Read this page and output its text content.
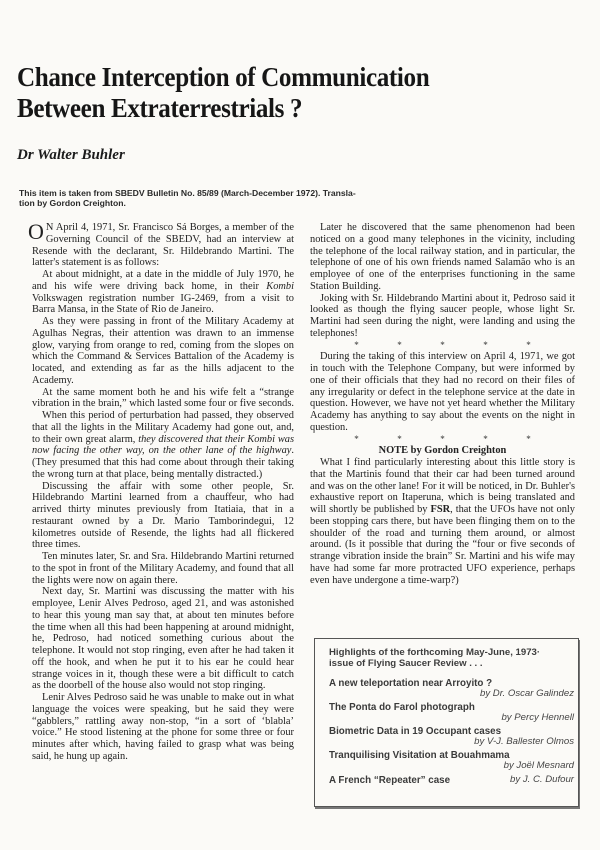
Chance Interception of Communication
Between Extraterrestrials ?
Dr Walter Buhler
This item is taken from SBEDV Bulletin No. 85/89 (March-December 1972). Transla-
tion by Gordon Creighton.

O N April 4, 1971, Sr. Francisco Sá Borges, a member of the Governing Council of the SBEDV, had an interview at Resende with the declarant, Sr. Hildebrando Martini. The latter's statement is as follows:

At about midnight, at a date in the middle of July 1970, he and his wife were driving back home, in their Kombi Volkswagen registration number IG-2469, from a visit to Barra Mansa, in the State of Rio de Janeiro.

As they were passing in front of the Military Academy at Agulhas Negras, their attention was drawn to an immense glow, varying from orange to red, coming from the slopes on which the Command & Services Battalion of the Academy is located, and extending as far as the hills adjacent to the Academy.

At the same moment both he and his wife felt a “strange vibration in the brain,” which lasted some four or five seconds.

When this period of perturbation had passed, they observed that all the lights in the Military Academy had gone out, and, to their own great alarm, they discovered that their Kombi was now facing the other way, on the other lane of the highway. (They presumed that this had come about through their taking the wrong turn at that place, being mentally distracted.)

Discussing the affair with some other people, Sr. Hildebrando Martini learned from a chauffeur, who had arrived thirty minutes previously from Itatiaia, that in a restaurant owned by a Dr. Mario Tamborindegui, 12 kilometres outside of Resende, the lights had all flickered three times.

Ten minutes later, Sr. and Sra. Hildebrando Martini returned to the spot in front of the Military Academy, and found that all the lights were now on again there.

Next day, Sr. Martini was discussing the matter with his employee, Lenir Alves Pedroso, aged 21, and was astonished to hear this young man say that, at about ten minutes before the time when all this had been happening at around midnight, he, Pedroso, had noticed something curious about the telephone. It would not stop ringing, even after he had taken it off the hook, and when he put it to his ear he could hear strange voices in it, though these were a bit difficult to catch as the doorbell of the house also would not stop ringing.

Lenir Alves Pedroso said he was unable to make out in what language the voices were speaking, but he said they were “gabblers,” rattling away non-stop, “in a sort of ‘blabla’ voice.” He stood listening at the phone for some three or four minutes after which, having failed to grasp what was being said, he hung up again.

Later he discovered that the same phenomenon had been noticed on a good many telephones in the vicinity, including the telephone of the local railway station, and in particular, the telephone of one of his own friends named Salamão who is an employee of one of the enterprises functioning in the same Station Building.

Joking with Sr. Hildebrando Martini about it, Pedroso said it looked as though the flying saucer people, whose light Sr. Martini had seen during the night, were landing and using the telephones!

*	*	*	*	*

During the taking of this interview on April 4, 1971, we got in touch with the Telephone Company, but were informed by one of their officials that they had no record on their files of any irregularity or defect in the telephone service at the date in question. However, we have not yet heard whether the Military Academy has anything to say about the events on the night in question.

*	*	*	*	*

NOTE by Gordon Creighton

What I find particularly interesting about this little story is that the Martinis found that their car had been turned around and was on the other lane! For it will be noticed, in Dr. Buhler's exhaustive report on Itaperuna, which is being translated and will shortly be published by FSR, that the UFOs have not only been stopping cars there, but have been flinging them on to the shoulder of the road and turning them around, or almost around. (Is it possible that during the “four or five seconds of strange vibration inside the brain” Sr. Martini and his wife may have had some far more protracted UFO experience, perhaps even have undergone a time-warp?)

Highlights of the forthcoming May-June, 1973·
issue of Flying Saucer Review . . .
A new teleportation near Arroyito ?
by Dr. Oscar Galindez
The Ponta do Farol photograph
by Percy Hennell
Biometric Data in 19 Occupant cases
by V-J. Ballester Olmos
Tranquilising Visitation at Bouahmama
by Joël Mesnard
A French “Repeater” case	by J. C. Dufour
